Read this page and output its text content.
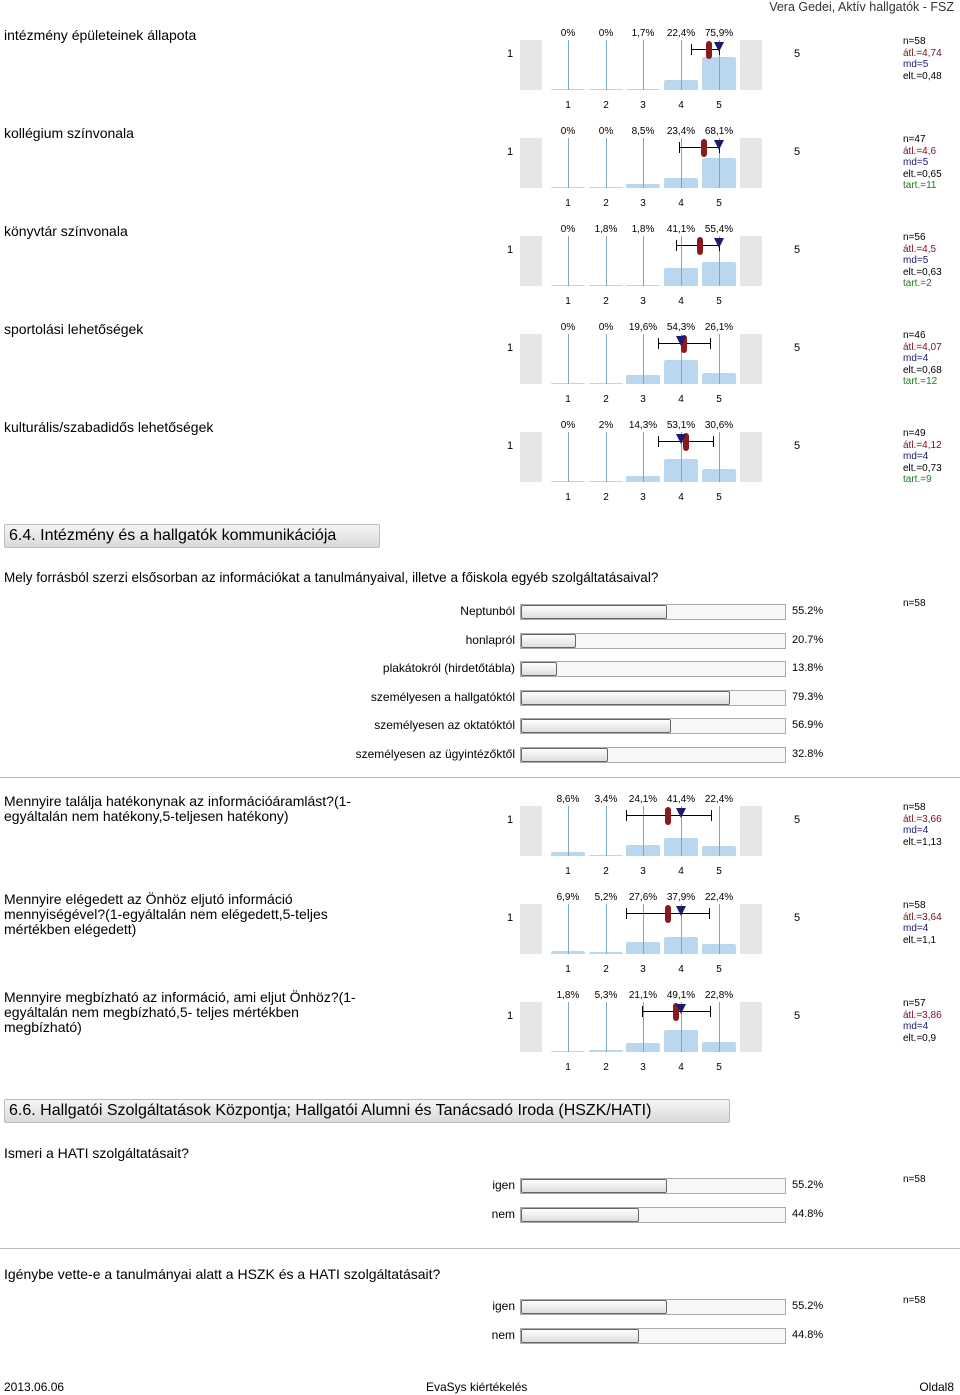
Vera Gedei, Aktív hallgatók - FSZ
intézmény épületeinek állapota
1	5
0%
1
0%
2
1,7%
3
22,4%
4
75,9%
5
n=58
átl.=4,74
md=5
elt.=0,48
kollégium színvonala
1	5
0%
1
0%
2
8,5%
3
23,4%
4
68,1%
5
n=47
átl.=4,6
md=5
elt.=0,65
tart.=11
könyvtár színvonala
1	5
0%
1
1,8%
2
1,8%
3
41,1%
4
55,4%
5
n=56
átl.=4,5
md=5
elt.=0,63
tart.=2
sportolási lehetőségek
1	5
0%
1
0%
2
19,6%
3
54,3%
4
26,1%
5
n=46
átl.=4,07
md=4
elt.=0,68
tart.=12
kulturális/szabadidős lehetőségek
1	5
0%
1
2%
2
14,3%
3
53,1%
4
30,6%
5
n=49
átl.=4,12
md=4
elt.=0,73
tart.=9
6.4. Intézmény és a hallgatók kommunikációja
Mely forrásból szerzi elsősorban az információkat a tanulmányaival, illetve a főiskola egyéb szolgáltatásaival?
n=58
Neptunból	55.2%
honlapról	20.7%
plakátokról (hirdetőtábla)	13.8%
személyesen a hallgatóktól	79.3%
személyesen az oktatóktól	56.9%
személyesen az ügyintézőktől	32.8%
Mennyire találja hatékonynak az információáramlást?(1-egyáltalán nem hatékony,5-teljesen hatékony)	1	5
8,6%
1
3,4%
2
24,1%
3
41,4%
4
22,4%
5
n=58
átl.=3,66
md=4
elt.=1,13
Mennyire elégedett az Önhöz eljutó információ mennyiségével?(1-egyáltalán nem elégedett,5-teljes mértékben elégedett)
1	5
6,9%
1
5,2%
2
27,6%
3
37,9%
4
22,4%
5
n=58
átl.=3,64
md=4
elt.=1,1
Mennyire megbízható az információ, ami eljut Önhöz?(1-egyáltalán nem megbízható,5- teljes mértékben megbízható)
1	5
1,8%
1
5,3%
2
21,1%
3
49,1%
4
22,8%
5
n=57
átl.=3,86
md=4
elt.=0,9
6.6. Hallgatói Szolgáltatások Központja; Hallgatói Alumni és Tanácsadó Iroda (HSZK/HATI)
Ismeri a HATI szolgáltatásait?
n=58
igen	55.2%
nem	44.8%
Igénybe vette-e a tanulmányai alatt a HSZK és a HATI szolgáltatásait?
n=58
igen	55.2%
nem	44.8%
2013.06.06	EvaSys kiértékelés	Oldal8
